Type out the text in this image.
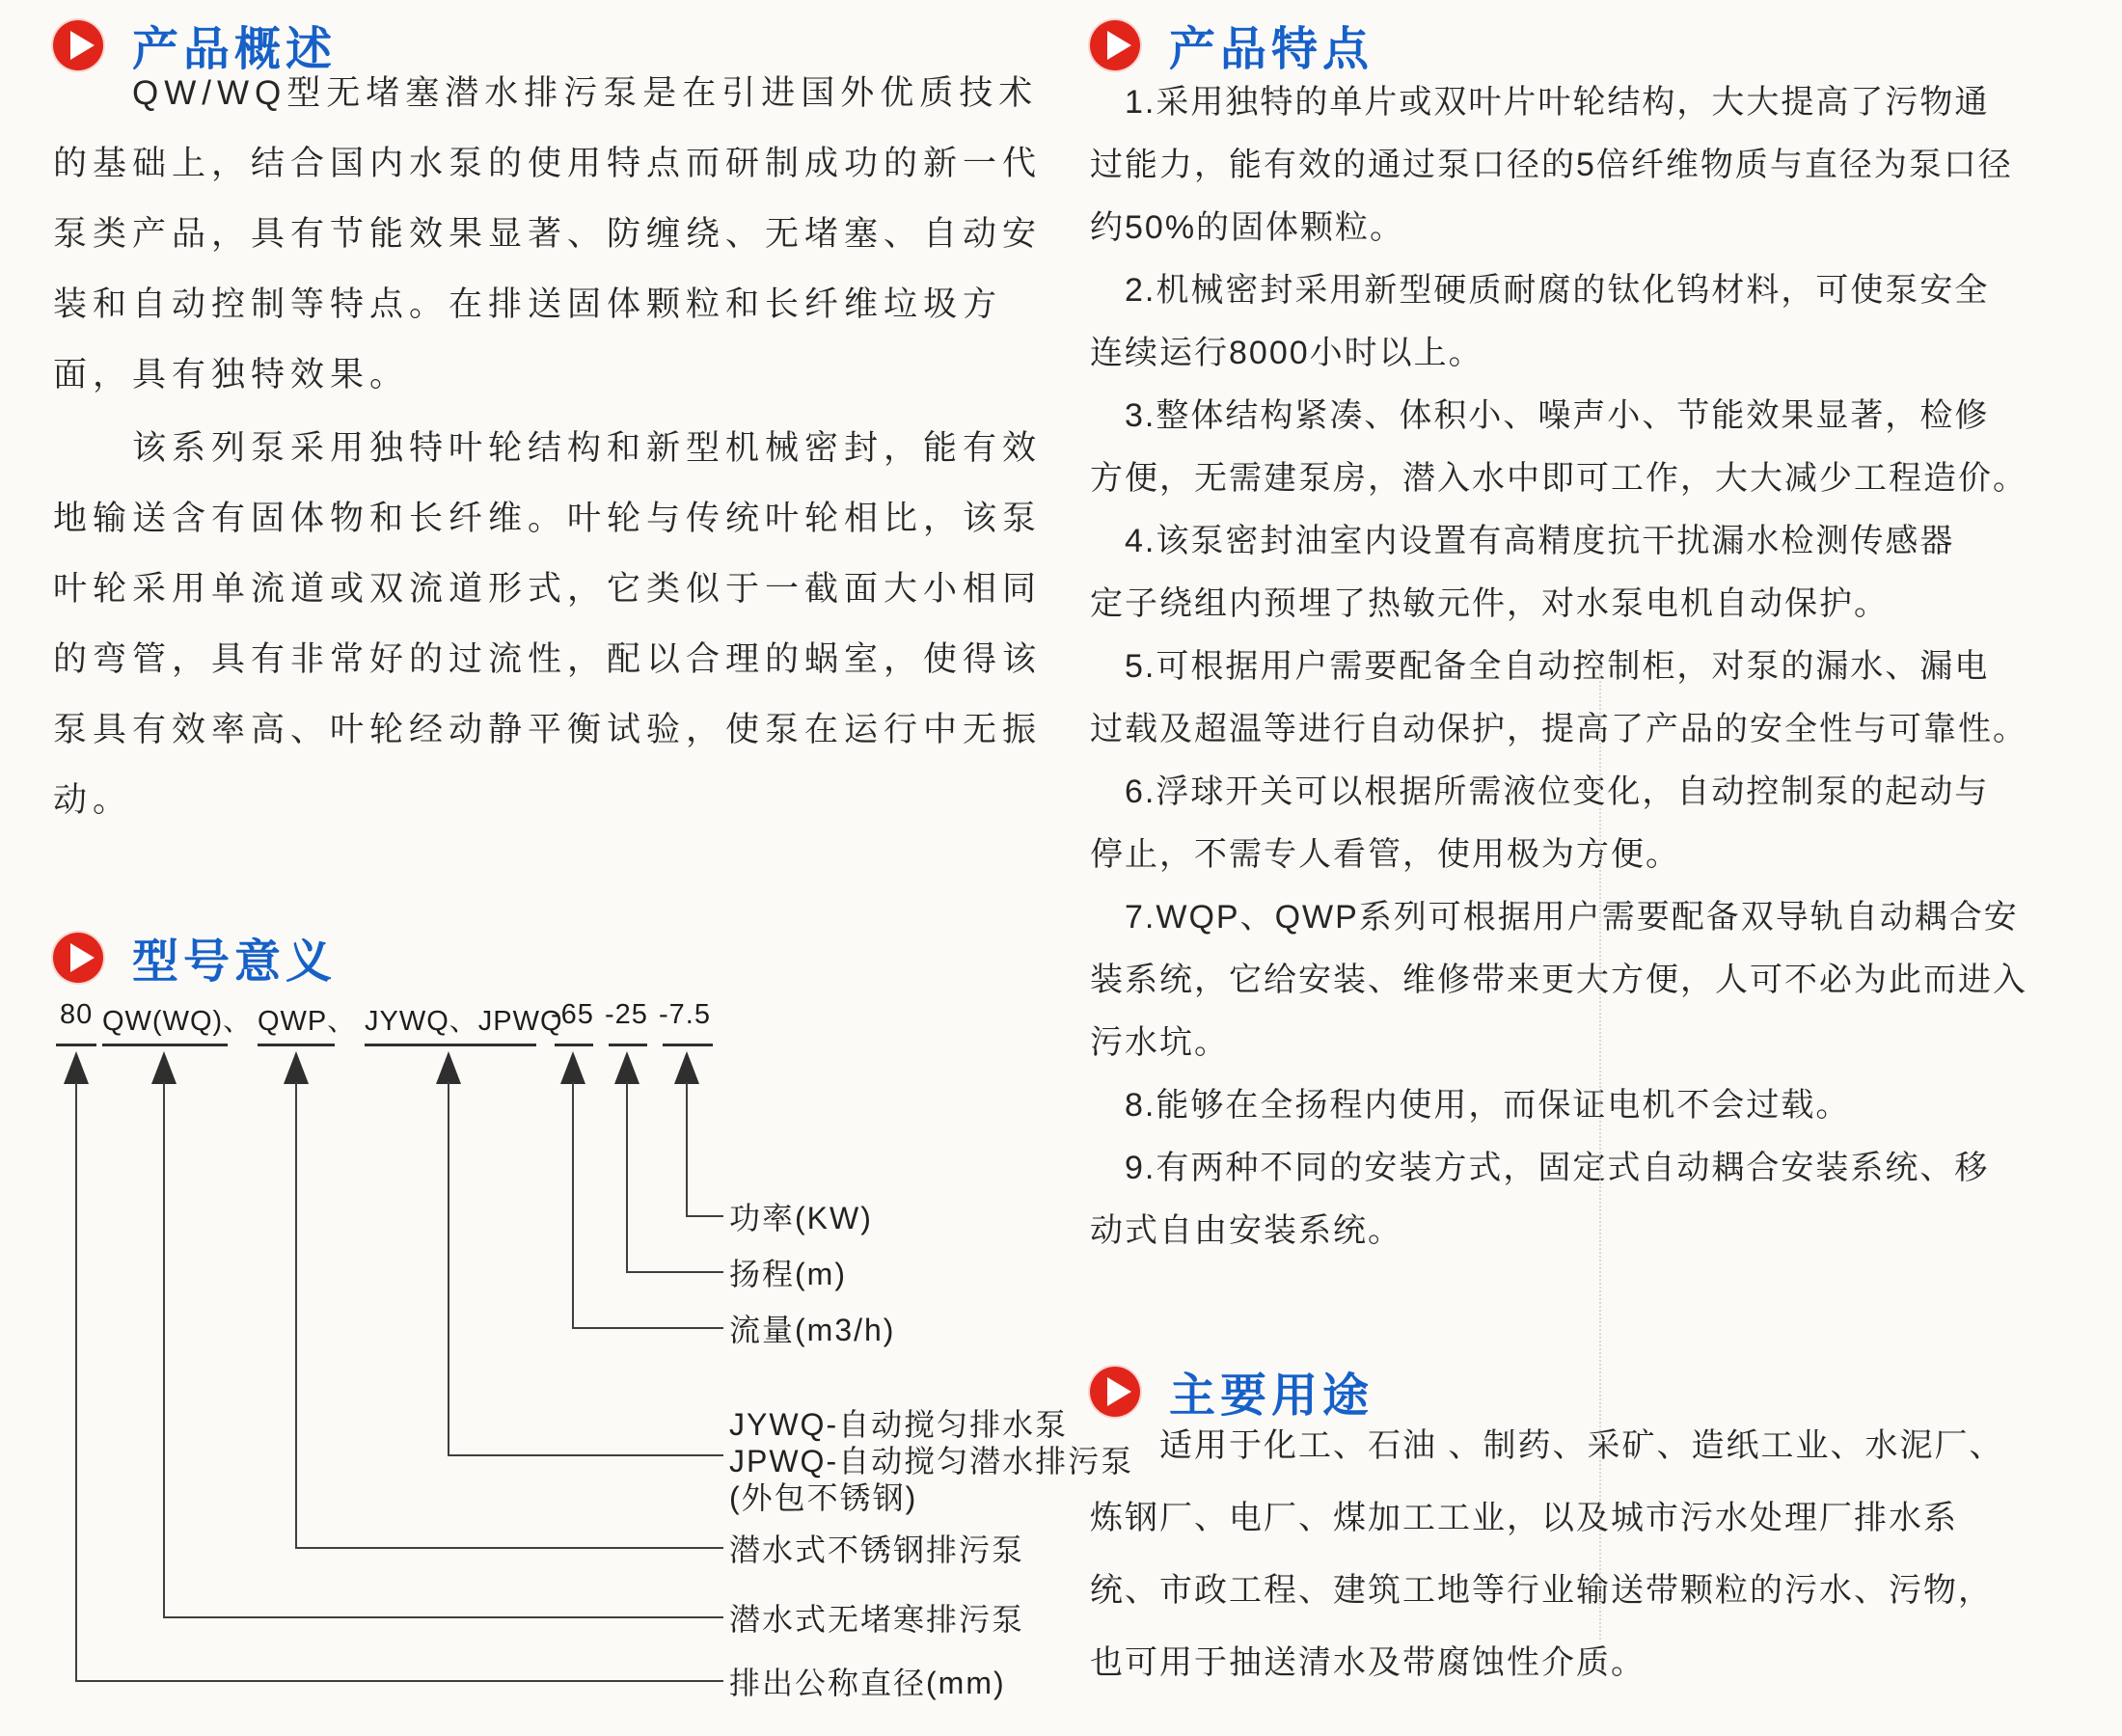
产品概述
　　QW/WQ型无堵塞潜水排污泵是在引进国外优质技术
的基础上，结合国内水泵的使用特点而研制成功的新一代
泵类产品，具有节能效果显著、防缠绕、无堵塞、自动安
装和自动控制等特点。在排送固体颗粒和长纤维垃圾方
面，具有独特效果。
　　该系列泵采用独特叶轮结构和新型机械密封，能有效
地输送含有固体物和长纤维。叶轮与传统叶轮相比，该泵
叶轮采用单流道或双流道形式，它类似于一截面大小相同
的弯管，具有非常好的过流性，配以合理的蜗室，使得该
泵具有效率高、叶轮经动静平衡试验，使泵在运行中无振
动。
型号意义
80 QW(WQ)、 QWP、 JYWQ、JPWQ
-65 -25 -7.5
功率(KW)
扬程(m)
流量(m3/h)
JYWQ-自动搅匀排水泵
JPWQ-自动搅匀潜水排污泵
(外包不锈钢)
潜水式不锈钢排污泵
潜水式无堵寒排污泵
排出公称直径(mm)
产品特点
　1.采用独特的单片或双叶片叶轮结构，大大提高了污物通
过能力，能有效的通过泵口径的5倍纤维物质与直径为泵口径
约50%的固体颗粒。
　2.机械密封采用新型硬质耐腐的钛化钨材料，可使泵安全
连续运行8000小时以上。
　3.整体结构紧凑、体积小、噪声小、节能效果显著，检修
方便，无需建泵房，潜入水中即可工作，大大减少工程造价。
　4.该泵密封油室内设置有高精度抗干扰漏水检测传感器
定子绕组内预埋了热敏元件，对水泵电机自动保护。
　5.可根据用户需要配备全自动控制柜，对泵的漏水、漏电
过载及超温等进行自动保护，提高了产品的安全性与可靠性。
　6.浮球开关可以根据所需液位变化，自动控制泵的起动与
停止，不需专人看管，使用极为方便。
　7.WQP、QWP系列可根据用户需要配备双导轨自动耦合安
装系统，它给安装、维修带来更大方便，人可不必为此而进入
污水坑。
　8.能够在全扬程内使用，而保证电机不会过载。
　9.有两种不同的安装方式，固定式自动耦合安装系统、移
动式自由安装系统。
主要用途
　　适用于化工、石油 、制药、采矿、造纸工业、水泥厂、
炼钢厂、电厂、煤加工工业，以及城市污水处理厂排水系
统、市政工程、建筑工地等行业输送带颗粒的污水、污物，
也可用于抽送清水及带腐蚀性介质。
